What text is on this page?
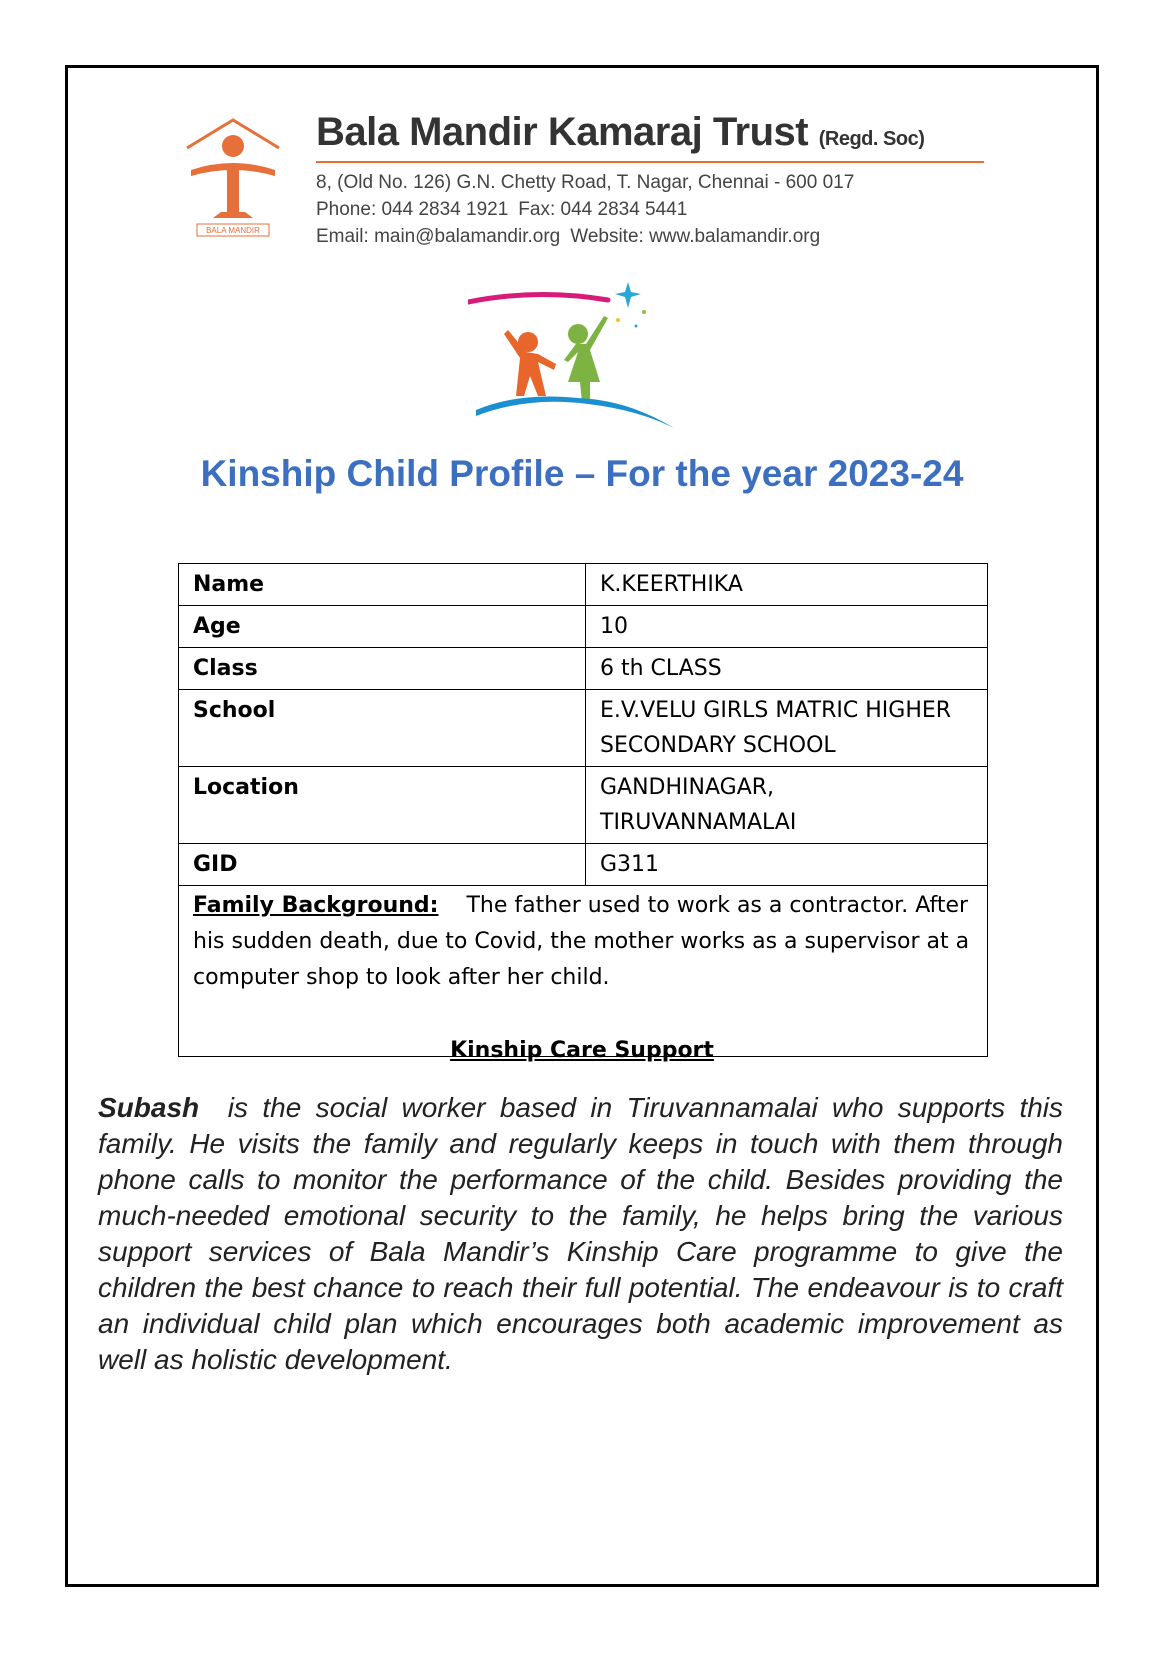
BALA MANDIR
Bala Mandir Kamaraj Trust (Regd. Soc)
8, (Old No. 126) G.N. Chetty Road, T. Nagar, Chennai - 600 017
Phone: 044 2834 1921 Fax: 044 2834 5441
Email: main@balamandir.org Website: www.balamandir.org
Kinship Child Profile – For the year 2023-24
Name	K.KEERTHIKA
Age	10
Class	6 th CLASS
School	E.V.VELU GIRLS MATRIC HIGHER SECONDARY SCHOOL
Location	GANDHINAGAR, TIRUVANNAMALAI
GID	G311
Family Background: The father used to work as a contractor. After his sudden death, due to Covid, the mother works as a supervisor at a computer shop to look after her child.	
Kinship Care Support
Subash is the social worker based in Tiruvannamalai who supports this family. He visits the family and regularly keeps in touch with them through phone calls to monitor the performance of the child. Besides providing the much-needed emotional security to the family, he helps bring the various support services of Bala Mandir’s Kinship Care programme to give the children the best chance to reach their full potential. The endeavour is to craft an individual child plan which encourages both academic improvement as well as holistic development.
